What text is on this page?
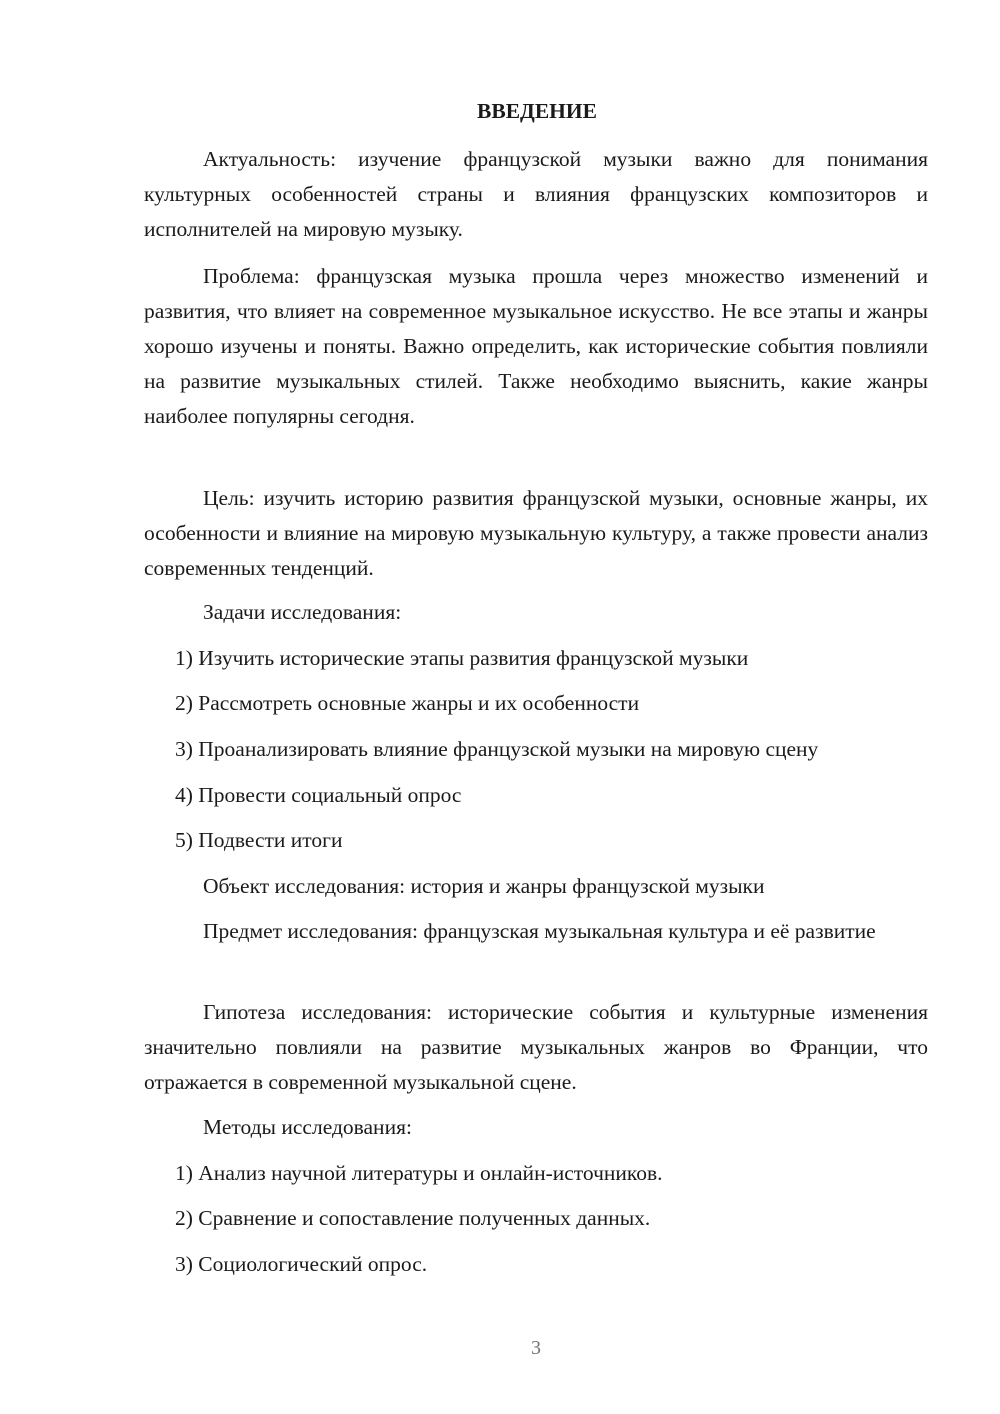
ВВЕДЕНИЕ

Актуальность: изучение французской музыки важно для понимания культурных особенностей страны и влияния французских композиторов и исполнителей на мировую музыку.

Проблема: французская музыка прошла через множество изменений и развития, что влияет на современное музыкальное искусство. Не все этапы и жанры хорошо изучены и поняты. Важно определить, как исторические события повлияли на развитие музыкальных стилей. Также необходимо выяснить, какие жанры наиболее популярны сегодня.

Цель: изучить историю развития французской музыки, основные жанры, их особенности и влияние на мировую музыкальную культуру, а также провести анализ современных тенденций.

Задачи исследования:

1) Изучить исторические этапы развития французской музыки

2) Рассмотреть основные жанры и их особенности

3) Проанализировать влияние французской музыки на мировую сцену

4) Провести социальный опрос

5) Подвести итоги

Объект исследования: история и жанры французской музыки

Предмет исследования: французская музыкальная культура и её развитие

Гипотеза исследования: исторические события и культурные изменения значительно повлияли на развитие музыкальных жанров во Франции, что отражается в современной музыкальной сцене.

Методы исследования:

1) Анализ научной литературы и онлайн-источников.

2) Сравнение и сопоставление полученных данных.

3) Социологический опрос.

3
